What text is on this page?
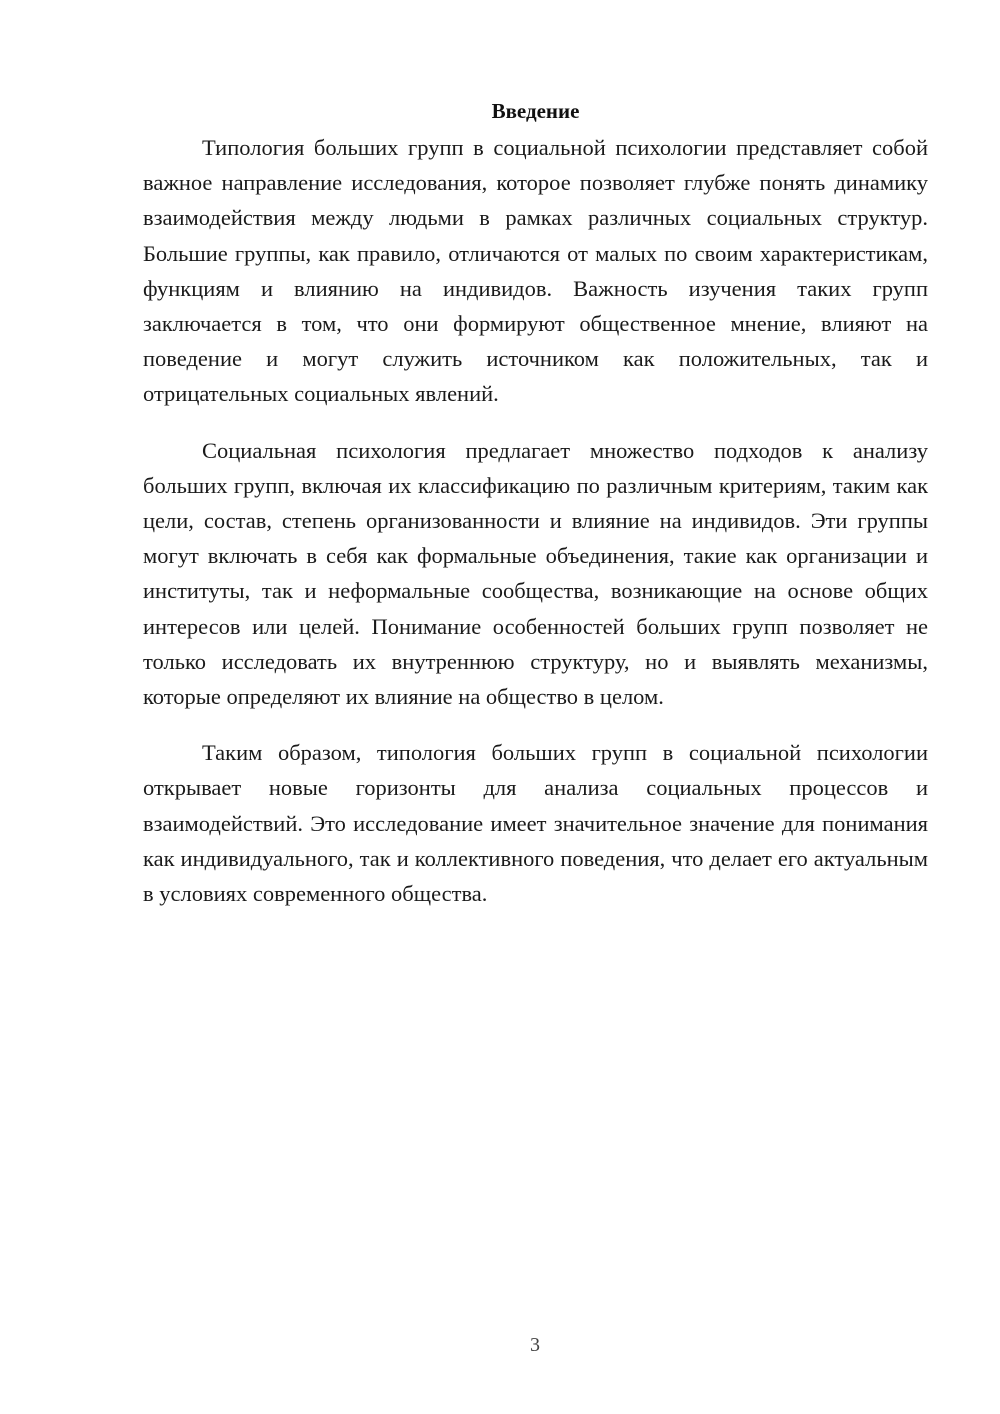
Введение

Типология больших групп в социальной психологии представляет собой важное направление исследования, которое позволяет глубже понять динамику взаимодействия между людьми в рамках различных социальных структур. Большие группы, как правило, отличаются от малых по своим характеристикам, функциям и влиянию на индивидов. Важность изучения таких групп заключается в том, что они формируют общественное мнение, влияют на поведение и могут служить источником как положительных, так и отрицательных социальных явлений.

Социальная психология предлагает множество подходов к анализу больших групп, включая их классификацию по различным критериям, таким как цели, состав, степень организованности и влияние на индивидов. Эти группы могут включать в себя как формальные объединения, такие как организации и институты, так и неформальные сообщества, возникающие на основе общих интересов или целей. Понимание особенностей больших групп позволяет не только исследовать их внутреннюю структуру, но и выявлять механизмы, которые определяют их влияние на общество в целом.

Таким образом, типология больших групп в социальной психологии открывает новые горизонты для анализа социальных процессов и взаимодействий. Это исследование имеет значительное значение для понимания как индивидуального, так и коллективного поведения, что делает его актуальным в условиях современного общества.

3
